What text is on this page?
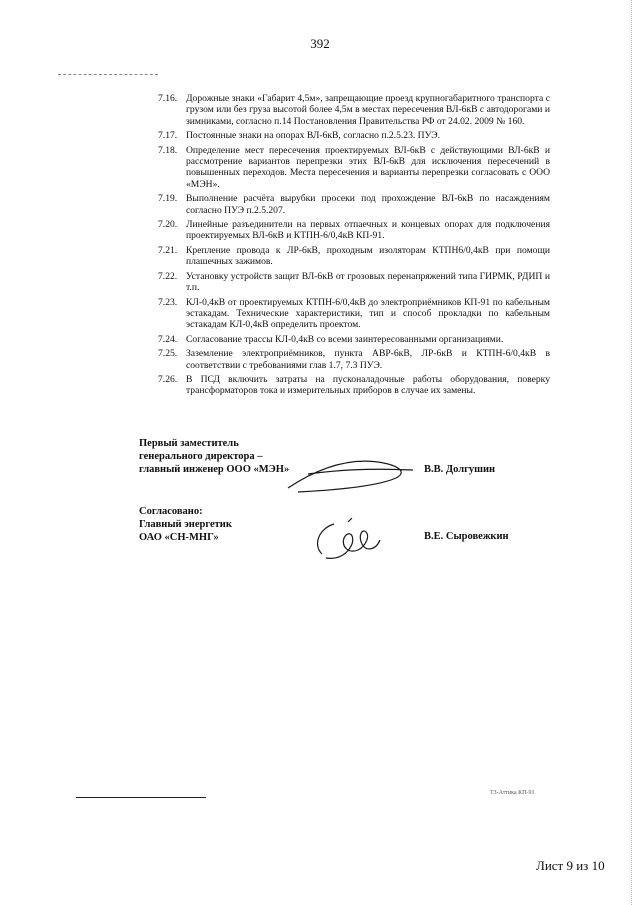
392
7.16. Дорожные знаки «Габарит 4,5м», запрещающие проезд крупногабаритного транспорта с грузом или без груза высотой более 4,5м в местах пересечения ВЛ-6кВ с автодорогами и зимниками, согласно п.14 Постановления Правительства РФ от 24.02. 2009 № 160.
7.17. Постоянные знаки на опорах ВЛ-6кВ, согласно п.2.5.23. ПУЭ.
7.18. Определение мест пересечения проектируемых ВЛ-6кВ с действующими ВЛ-6кВ и рассмотрение вариантов перепрезки этих ВЛ-6кВ для исключения пересечений в повышенных переходов. Места пересечения и варианты перепрезки согласовать с ООО «МЭН».
7.19. Выполнение расчёта вырубки просеки под прохождение ВЛ-6кВ по насаждениям согласно ПУЭ п.2.5.207.
7.20. Линейные разъединители на первых отпаечных и концевых опорах для подключения проектируемых ВЛ-6кВ и КТПН-6/0,4кВ КП-91.
7.21. Крепление провода к ЛР-6кВ, проходным изоляторам КТПН6/0,4кВ при помощи плашечных зажимов.
7.22. Установку устройств защит ВЛ-6кВ от грозовых перенапряжений типа ГИРМК, РДИП и т.п.
7.23. КЛ-0,4кВ от проектируемых КТПН-6/0,4кВ до электроприёмников КП-91 по кабельным эстакадам. Технические характеристики, тип и способ прокладки по кабельным эстакадам КЛ-0,4кВ определить проектом.
7.24. Согласование трассы КЛ-0,4кВ со всеми заинтересованными организациями.
7.25. Заземление электроприёмников, пункта АВР-6кВ, ЛР-6кВ и КТПН-6/0,4кВ в соответствии с требованиями глав 1.7, 7.3 ПУЭ.
7.26. В ПСД включить затраты на пусконаладочные работы оборудования, поверку трансформаторов тока и измерительных приборов в случае их замены.
Первый заместитель
генерального директора –
главный инженер ООО «МЭН»	В.В. Долгушин
Согласовано:
Главный энергетик
ОАО «СН-МНГ»	В.Е. Сыровежкин
ТЗ-Аттика КП-91
Лист 9 из 10
